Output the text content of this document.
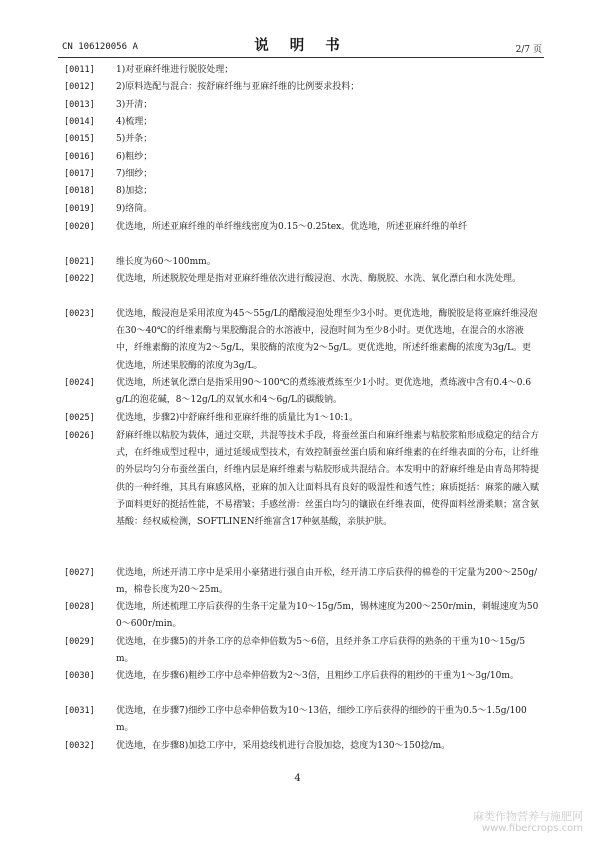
CN 106120056 A	说 明 书	2/7 页
[0011] 1)对亚麻纤维进行脱胶处理；
[0012] 2)原料选配与混合：按舒麻纤维与亚麻纤维的比例要求投料；
[0013] 3)开清；
[0014] 4)梳理；
[0015] 5)并条；
[0016] 6)粗纱；
[0017] 7)细纱；
[0018] 8)加捻；
[0019] 9)络筒。
[0020] 优选地，所述亚麻纤维的单纤维线密度为0.15～0.25tex。优选地，所述亚麻纤维的单纤
[0021] 维长度为60～100mm。
[0022] 优选地，所述脱胶处理是指对亚麻纤维依次进行酸浸泡、水洗、酶脱胶、水洗、氧化漂白和水洗处理。
[0023] 优选地，酸浸泡是采用浓度为45～55g/L的醋酸浸泡处理至少3小时。更优选地，酶脱胶是将亚麻纤维浸泡在30～40℃的纤维素酶与果胶酶混合的水溶液中，浸泡时间为至少8小时。更优选地，在混合的水溶液中，纤维素酶的浓度为2～5g/L，果胶酶的浓度为2～5g/L。更优选地，所述纤维素酶的浓度为3g/L。更优选地，所述果胶酶的浓度为3g/L。
[0024] 优选地，所述氧化漂白是指采用90～100℃的煮练液煮练至少1小时。更优选地，煮练液中含有0.4～0.6g/L的泡花碱，8～12g/L的双氧水和4～6g/L的碳酸钠。
[0025] 优选地，步骤2)中舒麻纤维和亚麻纤维的质量比为1～10:1。
[0026] 舒麻纤维以粘胶为载体，通过交联，共混等技术手段，将蚕丝蛋白和麻纤维素与粘胶浆粕形成稳定的结合方式，在纤维成型过程中，通过延缓成型技术，有效控制蚕丝蛋白质和麻纤维素的在纤维表面的分布，让纤维的外层均匀分布蚕丝蛋白，纤维内层是麻纤维素与粘胶形成共混结合。本发明中的舒麻纤维是由青岛邦特提供的一种纤维，其具有麻感风格，亚麻的加入让面料具有良好的吸湿性和透气性；麻质挺括：麻浆的融入赋予面料更好的挺括性能，不易褶皱；手感丝滑：丝蛋白均匀的镶嵌在纤维表面，使得面料丝滑柔顺；富含氨基酸：经权威检测，SOFTLINEN纤维富含17种氨基酸，亲肤护肤。
[0027] 优选地，所述开清工序中是采用小豪猪进行强自由开松，经开清工序后获得的棉卷的干定量为200～250g/m，棉卷长度为20～25m。
[0028] 优选地，所述梳理工序后获得的生条干定量为10～15g/5m，锡林速度为200～250r/min，刺辊速度为500～600r/min。
[0029] 优选地，在步骤5)的并条工序的总牵伸倍数为5～6倍，且经并条工序后获得的熟条的干重为10～15g/5m。
[0030] 优选地，在步骤6)粗纱工序中总牵伸倍数为2～3倍，且粗纱工序后获得的粗纱的干重为1～3g/10m。
[0031] 优选地，在步骤7)细纱工序中总牵伸倍数为10～13倍，细纱工序后获得的细纱的干重为0.5～1.5g/100m。
[0032] 优选地，在步骤8)加捻工序中，采用捻线机进行合股加捻，捻度为130～150捻/m。
4
麻类作物营养与施肥网
www.fibercrops.com
